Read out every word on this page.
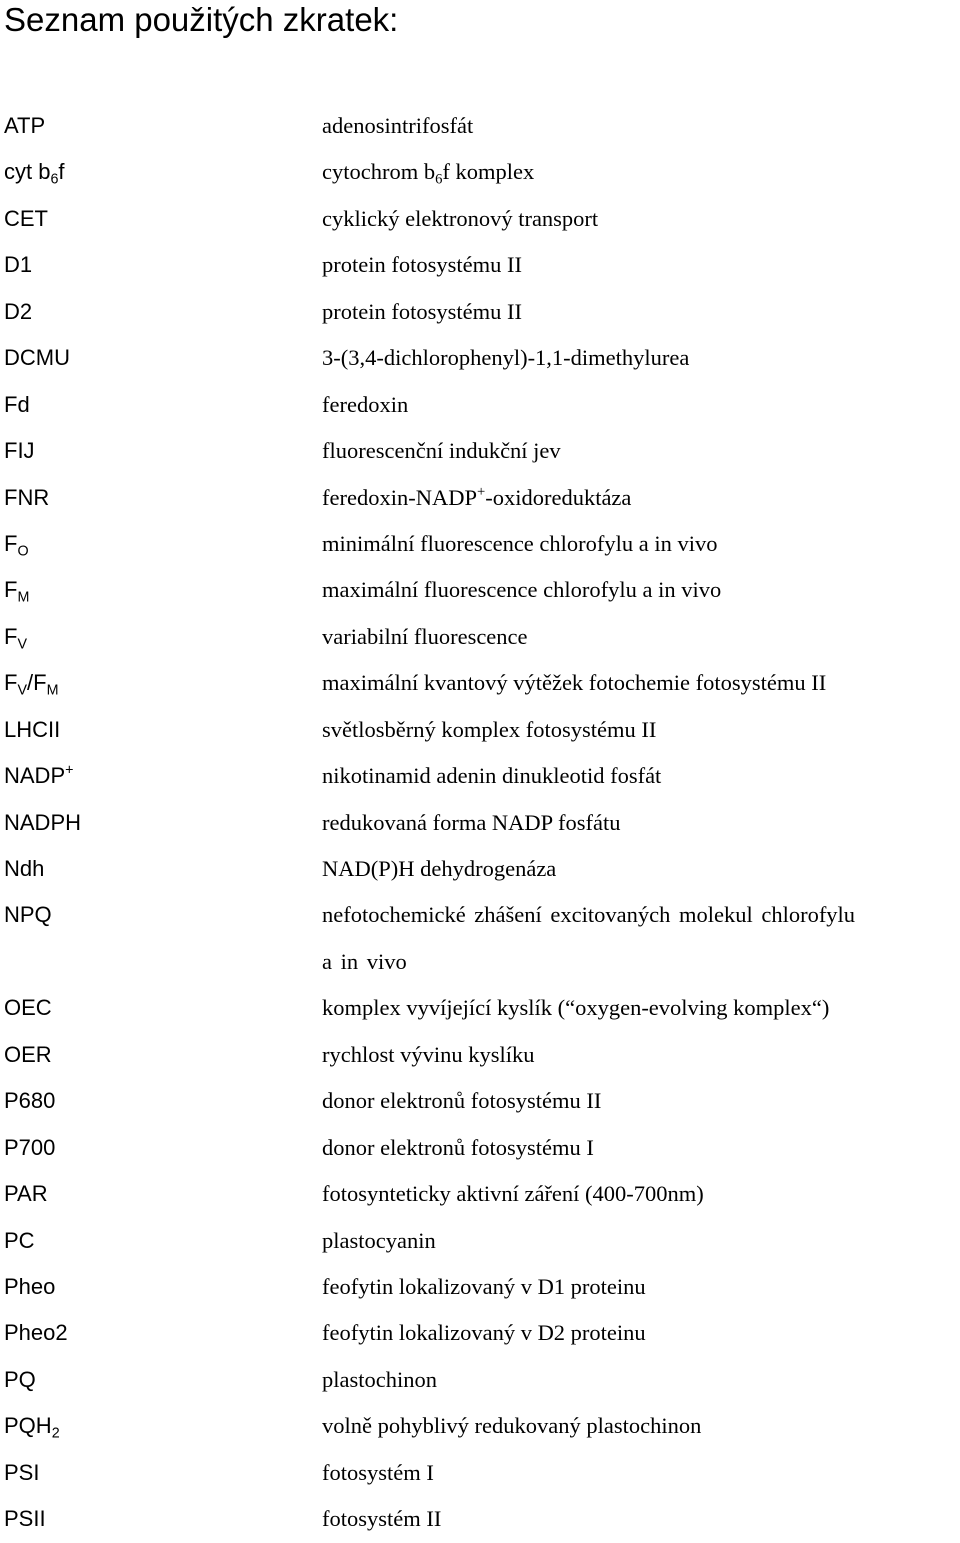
Seznam použitých zkratek:
ATP	adenosintrifosfát
cyt $b_6f$	cytochrom $b_6f$ komplex
CET	cyklický elektronový transport
D1	protein fotosystému II
D2	protein fotosystému II
DCMU	3-(3,4-dichlorophenyl)-1,1-dimethylurea
Fd	feredoxin
FIJ	fluorescenční indukční jev
FNR	feredoxin-NADP+-oxidoreduktáza
$F_O$	minimální fluorescence chlorofylu a in vivo
$F_M$	maximální fluorescence chlorofylu a in vivo
$F_V$	variabilní fluorescence
$F_V/F_M$	maximální kvantový výtěžek fotochemie fotosystému II
LHCII	světlosběrný komplex fotosystému II
NADP+	nikotinamid adenin dinukleotid fosfát
NADPH	redukovaná forma NADP fosfátu
Ndh	NAD(P)H dehydrogenáza
NPQ	nefotochemické zhášení excitovaných molekul chlorofylu
a in vivo
OEC	komplex vyvíjející kyslík (“oxygen-evolving komplex“)
OER	rychlost vývinu kyslíku
P680	donor elektronů fotosystému II
P700	donor elektronů fotosystému I
PAR	fotosynteticky aktivní záření (400-700nm)
PC	plastocyanin
Pheo	feofytin lokalizovaný v D1 proteinu
Pheo2	feofytin lokalizovaný v D2 proteinu
PQ	plastochinon
$PQH_2$	volně pohyblivý redukovaný plastochinon
PSI	fotosystém I
PSII	fotosystém II
